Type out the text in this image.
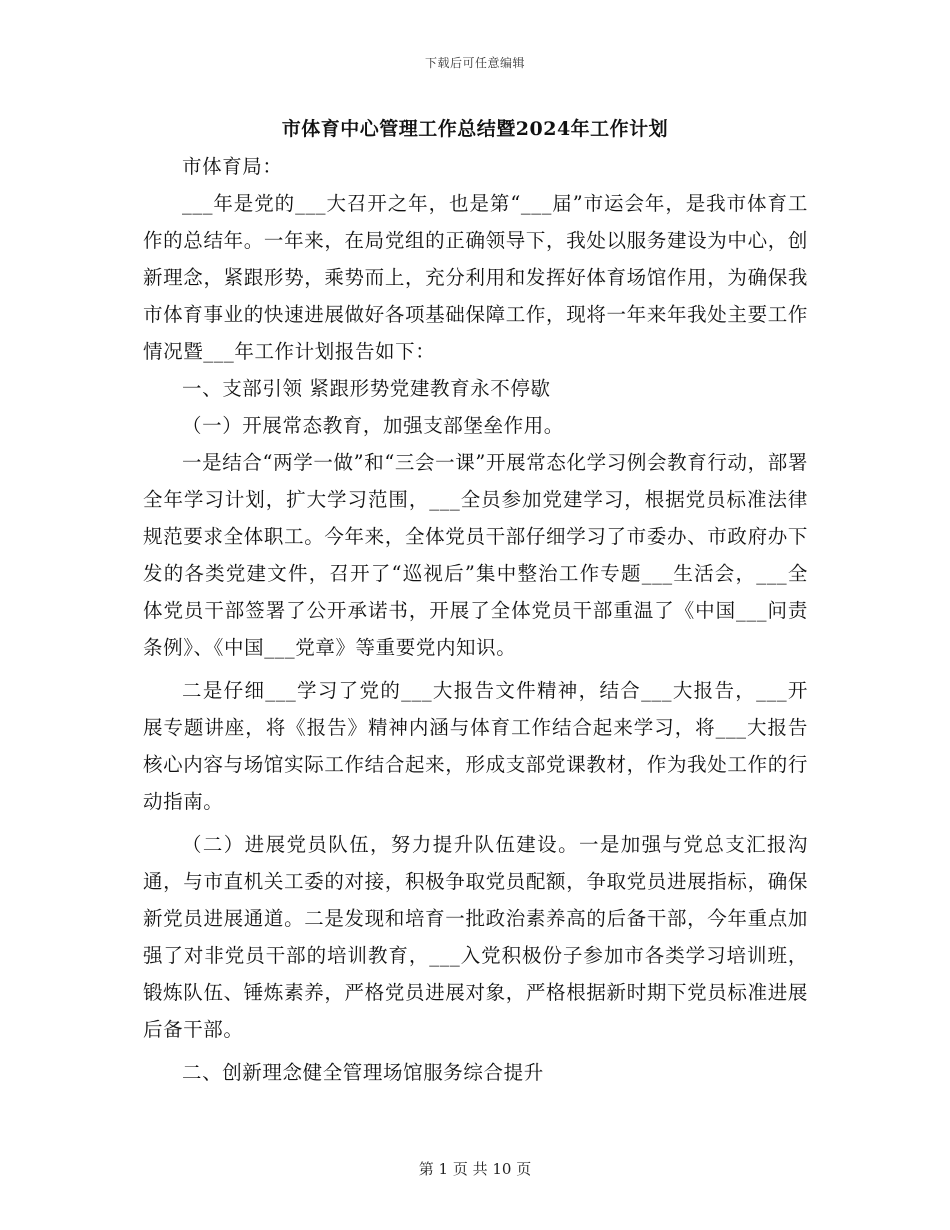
下载后可任意编辑
市体育中心管理工作总结暨2024年工作计划

市体育局：

___年是党的___大召开之年，也是第“___届”市运会年，是我市体育工作的总结年。一年来，在局党组的正确领导下，我处以服务建设为中心，创新理念，紧跟形势，乘势而上，充分利用和发挥好体育场馆作用，为确保我市体育事业的快速进展做好各项基础保障工作，现将一年来年我处主要工作情况暨___年工作计划报告如下：

一、支部引领 紧跟形势党建教育永不停歇

（一）开展常态教育，加强支部堡垒作用。

一是结合“两学一做”和“三会一课”开展常态化学习例会教育行动，部署全年学习计划，扩大学习范围，___全员参加党建学习，根据党员标准法律规范要求全体职工。今年来，全体党员干部仔细学习了市委办、市政府办下发的各类党建文件，召开了“巡视后”集中整治工作专题___生活会，___全体党员干部签署了公开承诺书，开展了全体党员干部重温了《中国___问责条例》、《中国___党章》等重要党内知识。

二是仔细___学习了党的___大报告文件精神，结合___大报告，___开展专题讲座，将《报告》精神内涵与体育工作结合起来学习，将___大报告核心内容与场馆实际工作结合起来，形成支部党课教材，作为我处工作的行动指南。

（二）进展党员队伍，努力提升队伍建设。一是加强与党总支汇报沟通，与市直机关工委的对接，积极争取党员配额，争取党员进展指标，确保新党员进展通道。二是发现和培育一批政治素养高的后备干部，今年重点加强了对非党员干部的培训教育，___入党积极份子参加市各类学习培训班，锻炼队伍、锤炼素养，严格党员进展对象，严格根据新时期下党员标准进展后备干部。

二、创新理念健全管理场馆服务综合提升

第 1 页 共 10 页
